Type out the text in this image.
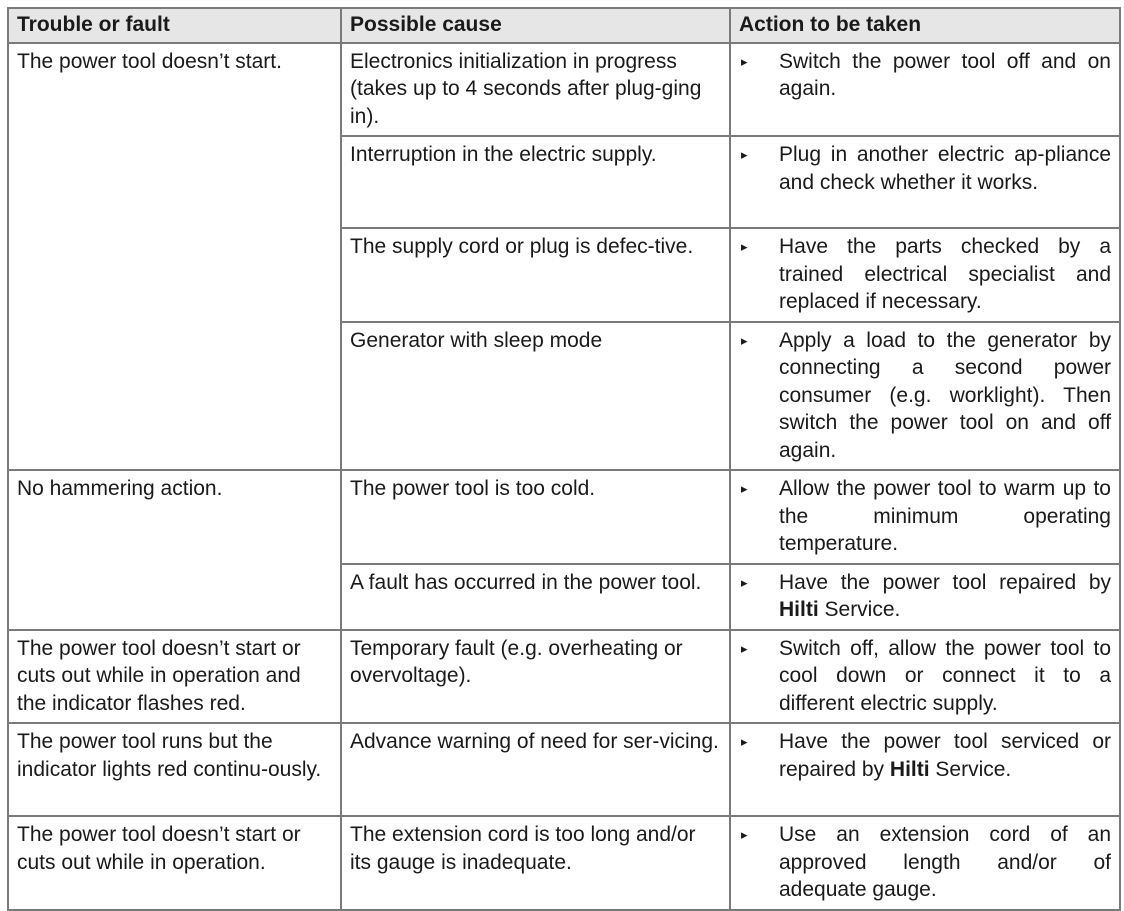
Trouble or fault	Possible cause	Action to be taken
The power tool doesn’t start.	Electronics initialization in progress (takes up to 4 seconds after plug-ging in).	▸ Switch the power tool off and on again.

	Interruption in the electric supply.	▸ Plug in another electric ap-pliance and check whether it works.

	The supply cord or plug is defec-tive.	▸ Have the parts checked by a trained electrical specialist and replaced if necessary.

	Generator with sleep mode	▸ Apply a load to the generator by connecting a second power consumer (e.g. worklight). Then switch the power tool on and off again.

No hammering action.	The power tool is too cold.	▸ Allow the power tool to warm up to the minimum operating temperature.

	A fault has occurred in the power tool.	▸ Have the power tool repaired by Hilti Service.

The power tool doesn’t start or cuts out while in operation and the indicator flashes red.	Temporary fault (e.g. overheating or overvoltage).	▸ Switch off, allow the power tool to cool down or connect it to a different electric supply.

The power tool runs but the indicator lights red continu-ously.	Advance warning of need for ser-vicing.	▸ Have the power tool serviced or repaired by Hilti Service.

The power tool doesn’t start or cuts out while in operation.	The extension cord is too long and/or its gauge is inadequate.	▸ Use an extension cord of an approved length and/or of adequate gauge.
